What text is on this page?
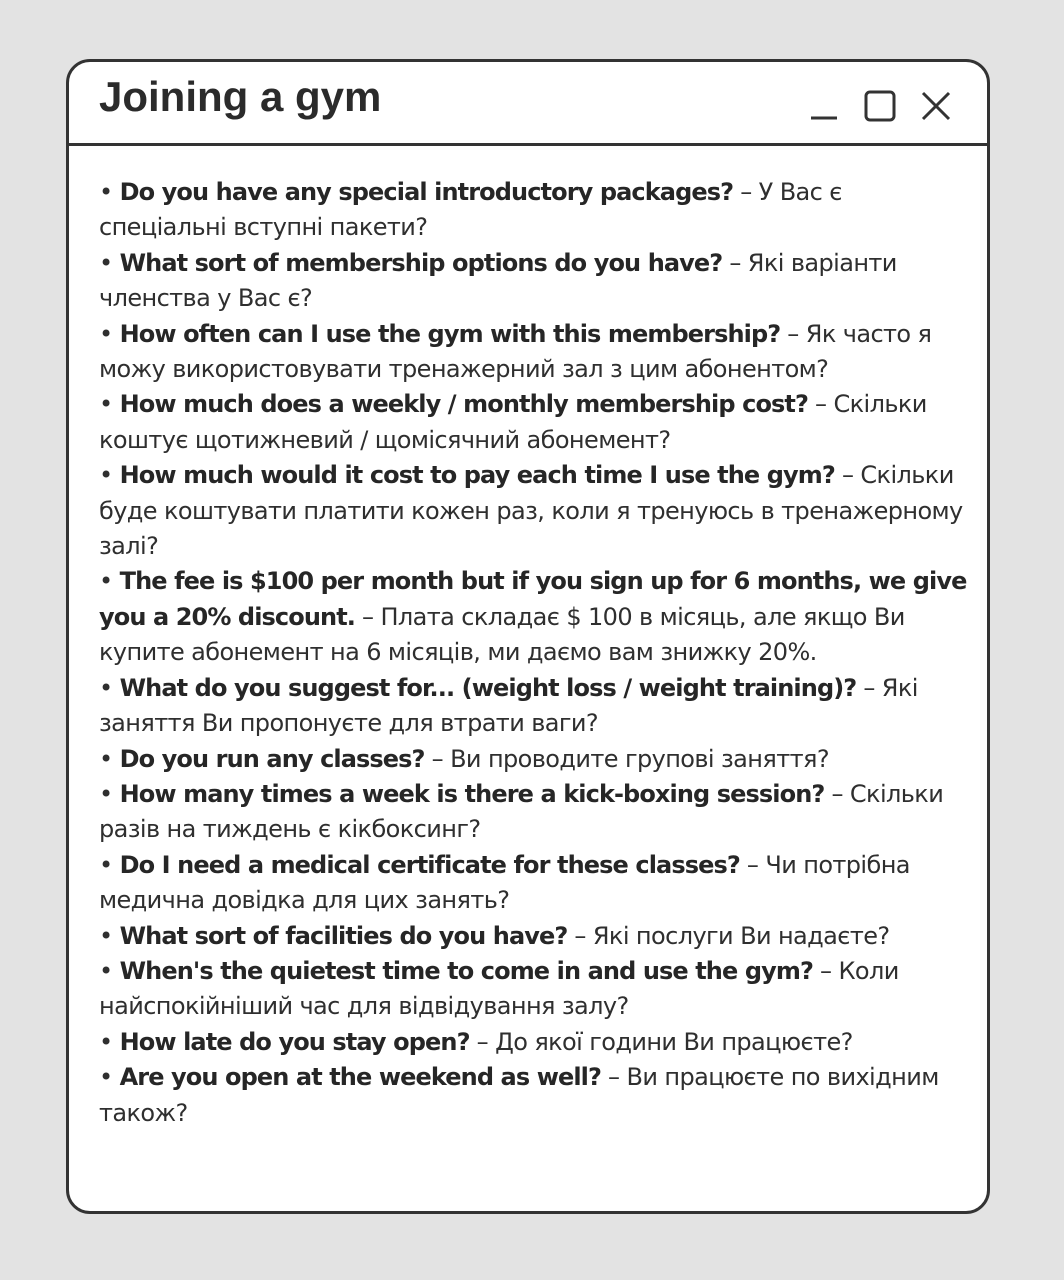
Joining a gym

• Do you have any special introductory packages? – У Вас є спеціальні вступні пакети?

• What sort of membership options do you have? – Які варіанти членства у Вас є?

• How often can I use the gym with this membership? – Як часто я можу використовувати тренажерний зал з цим абонентом?

• How much does a weekly / monthly membership cost? – Скільки коштує щотижневий / щомісячний абонемент?

• How much would it cost to pay each time I use the gym? – Скільки буде коштувати платити кожен раз, коли я тренуюсь в тренажерному залі?

• The fee is $100 per month but if you sign up for 6 months, we give you a 20% discount. – Плата складає $ 100 в місяць, але якщо Ви купите абонемент на 6 місяців, ми даємо вам знижку 20%.

• What do you suggest for... (weight loss / weight training)? – Які заняття Ви пропонуєте для втрати ваги?

• Do you run any classes? – Ви проводите групові заняття?

• How many times a week is there a kick-boxing session? – Скільки разів на тиждень є кікбоксинг?

• Do I need a medical certificate for these classes? – Чи потрібна медична довідка для цих занять?

• What sort of facilities do you have? – Які послуги Ви надаєте?

• When's the quietest time to come in and use the gym? – Коли найспокійніший час для відвідування залу?

• How late do you stay open? – До якої години Ви працюєте?

• Are you open at the weekend as well? – Ви працюєте по вихідним також?
